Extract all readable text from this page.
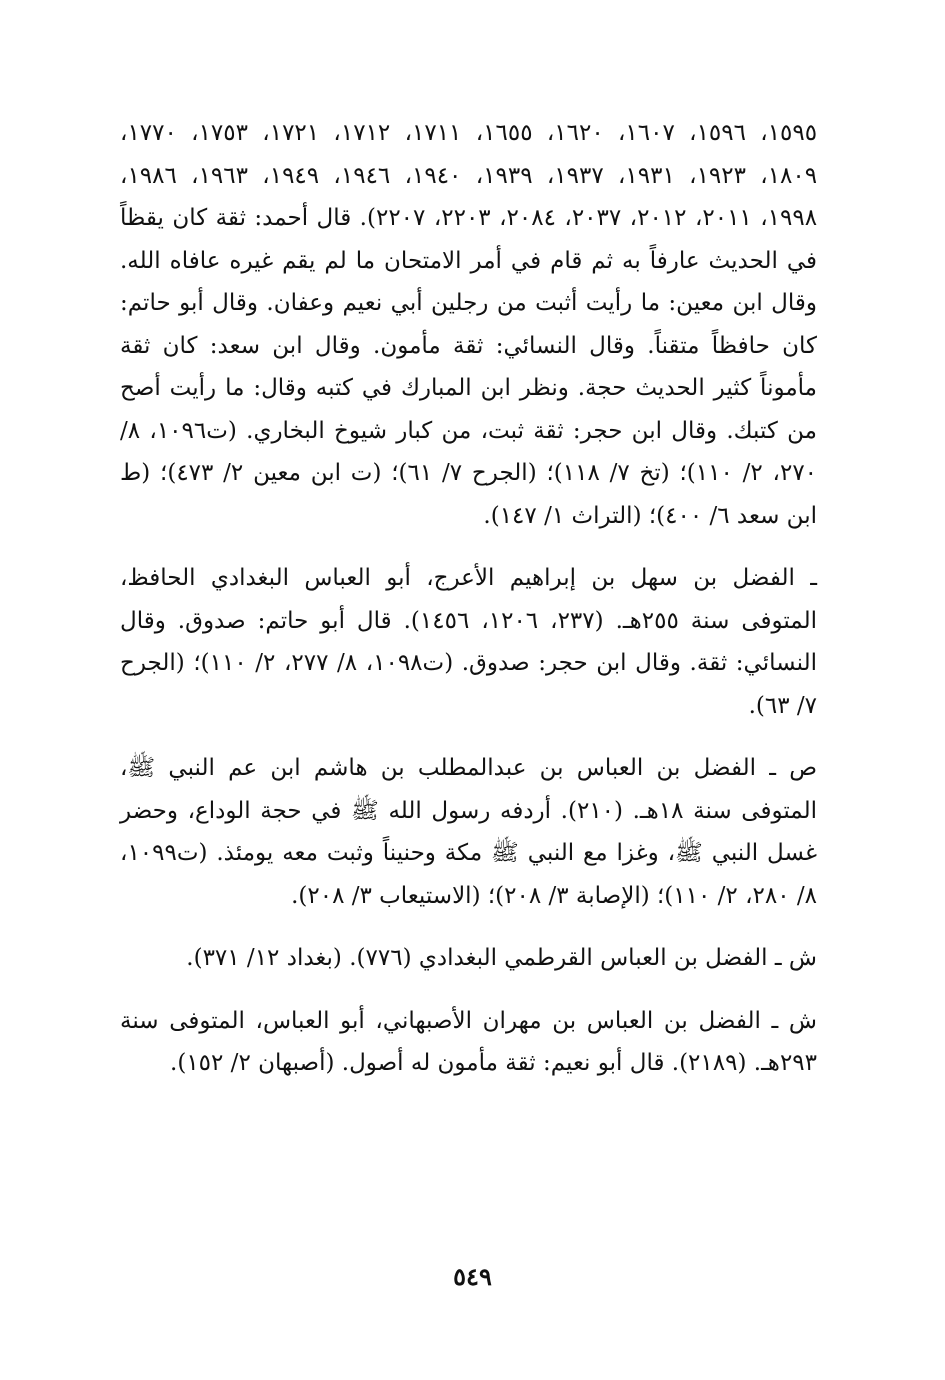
١٥٩٥، ١٥٩٦، ١٦٠٧، ١٦٢٠، ١٦٥٥، ١٧١١، ١٧١٢، ١٧٢١، ١٧٥٣، ١٧٧٠، ١٨٠٩، ١٩٢٣، ١٩٣١، ١٩٣٧، ١٩٣٩، ١٩٤٠، ١٩٤٦، ١٩٤٩، ١٩٦٣، ١٩٨٦، ١٩٩٨، ٢٠١١، ٢٠١٢، ٢٠٣٧، ٢٠٨٤، ٢٢٠٣، ٢٢٠٧). قال أحمد: ثقة كان يقظاً في الحديث عارفاً به ثم قام في أمر الامتحان ما لم يقم غيره عافاه الله. وقال ابن معين: ما رأيت أثبت من رجلين أبي نعيم وعفان. وقال أبو حاتم: كان حافظاً متقناً. وقال النسائي: ثقة مأمون. وقال ابن سعد: كان ثقة مأموناً كثير الحديث حجة. ونظر ابن المبارك في كتبه وقال: ما رأيت أصح من كتبك. وقال ابن حجر: ثقة ثبت، من كبار شيوخ البخاري. (ت١٠٩٦، ٨/ ٢٧٠، ٢/ ١١٠)؛ (تخ ٧/ ١١٨)؛ (الجرح ٧/ ٦١)؛ (ت ابن معين ٢/ ٤٧٣)؛ (ط ابن سعد ٦/ ٤٠٠)؛ (التراث ١/ ١٤٧).

ـ الفضل بن سهل بن إبراهيم الأعرج، أبو العباس البغدادي الحافظ، المتوفى سنة ٢٥٥هـ. (٢٣٧، ١٢٠٦، ١٤٥٦). قال أبو حاتم: صدوق. وقال النسائي: ثقة. وقال ابن حجر: صدوق. (ت١٠٩٨، ٨/ ٢٧٧، ٢/ ١١٠)؛ (الجرح ٧/ ٦٣).

ص ـ الفضل بن العباس بن عبدالمطلب بن هاشم ابن عم النبي ﷺ، المتوفى سنة ١٨هـ. (٢١٠). أردفه رسول الله ﷺ في حجة الوداع، وحضر غسل النبي ﷺ، وغزا مع النبي ﷺ مكة وحنيناً وثبت معه يومئذ. (ت١٠٩٩، ٨/ ٢٨٠، ٢/ ١١٠)؛ (الإصابة ٣/ ٢٠٨)؛ (الاستيعاب ٣/ ٢٠٨).

ش ـ الفضل بن العباس القرطمي البغدادي (٧٧٦). (بغداد ١٢/ ٣٧١).

ش ـ الفضل بن العباس بن مهران الأصبهاني، أبو العباس، المتوفى سنة ٢٩٣هـ. (٢١٨٩). قال أبو نعيم: ثقة مأمون له أصول. (أصبهان ٢/ ١٥٢).

٥٤٩
